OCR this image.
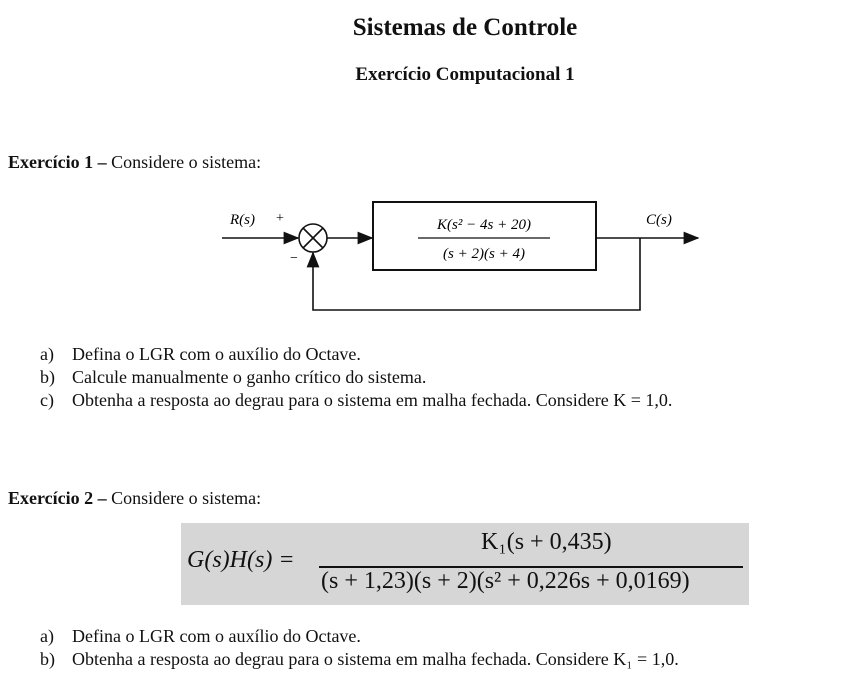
Sistemas de Controle
Exercício Computacional 1
Exercício 1 – Considere o sistema:
R(s) +
−
K(s² − 4s + 20)
(s + 2)(s + 4)
C(s)
a) Defina o LGR com o auxílio do Octave.
b) Calcule manualmente o ganho crítico do sistema.
c) Obtenha a resposta ao degrau para o sistema em malha fechada. Considere K = 1,0.
Exercício 2 – Considere o sistema:
G(s)H(s) =
K₁(s + 0,435)
(s + 1,23)(s + 2)(s² + 0,226s + 0,0169)
a) Defina o LGR com o auxílio do Octave.
b) Obtenha a resposta ao degrau para o sistema em malha fechada. Considere K₁ = 1,0.
